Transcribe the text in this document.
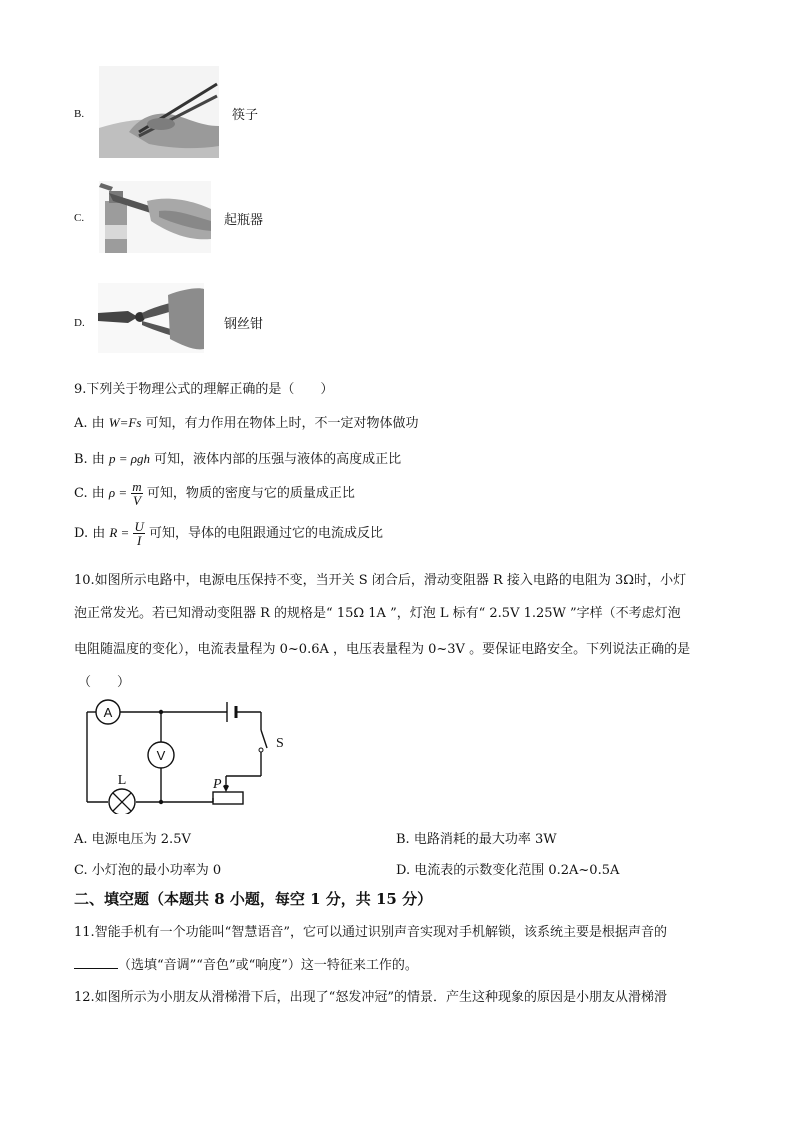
B.	筷子
C.	起瓶器
D.	钢丝钳
9.下列关于物理公式的理解正确的是（　　）
A. 由 W=Fs 可知，有力作用在物体上时，不一定对物体做功
B. 由 p = ρgh 可知，液体内部的压强与液体的高度成正比
C. 由 $\rho = \frac{m}{V}$ 可知，物质的密度与它的质量成正比
D. 由 $R = \frac{U}{I}$ 可知，导体的电阻跟通过它的电流成反比
10.如图所示电路中，电源电压保持不变，当开关 S 闭合后，滑动变阻器 R 接入电路的电阻为 3Ω时，小灯
泡正常发光。若已知滑动变阻器 R 的规格是“ 15Ω 1A ”，灯泡 L 标有“ 2.5V 1.25W ”字样（不考虑灯泡
电阻随温度的变化），电流表量程为 0~0.6A ，电压表量程为 0~3V 。要保证电路安全。下列说法正确的是
（　　）
A
V
L
S
P
A. 电源电压为 2.5V	B. 电路消耗的最大功率 3W
C. 小灯泡的最小功率为 0	D. 电流表的示数变化范围 0.2A~0.5A
二、填空题（本题共 8 小题，每空 1 分，共 15 分）
11.智能手机有一个功能叫“智慧语音”，它可以通过识别声音实现对手机解锁，该系统主要是根据声音的
（选填“音调”“音色”或“响度”）这一特征来工作的。
12.如图所示为小朋友从滑梯滑下后，出现了“怒发冲冠”的情景．产生这种现象的原因是小朋友从滑梯滑
